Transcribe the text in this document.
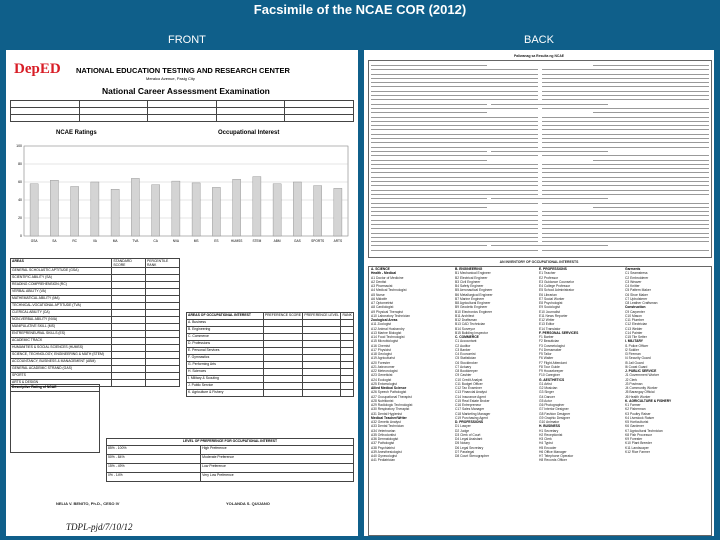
Facsimile of the NCAE COR (2012)
FRONT	BACK
DepED NATIONAL EDUCATION TESTING AND RESEARCH CENTER
Meralco Avenue, Pasig City
National Career Assessment Examination

NCAE Ratings	Occupational Interest
0
20
40
60
80
100
GSA	SA	RC	VA	MA	TVA	CA	NVA	MS	ES	HUMSS	STEM	ABM	GAS	SPORTS	ARTS
AREAS	STANDARD SCORE	PERCENTILE RANK
GENERAL SCHOLASTIC APTITUDE (GSA)		
SCIENTIFIC ABILITY (SA)		
READING COMPREHENSION (RC)		
VERBAL ABILITY (VA)		
MATHEMATICAL ABILITY (MA)		
TECHNICAL-VOCATIONAL APTITUDE (TVA)		
CLERICAL ABILITY (CA)		
NON-VERBAL ABILITY (NVA)		
MANIPULATIVE SKILL (MS)		
ENTREPRENEURIAL SKILLS (ES)		
ACADEMIC TRACK		
HUMANITIES & SOCIAL SCIENCES (HUMSS)		
SCIENCE, TECHNOLOGY, ENGINEERING & MATH (STEM)		
ACCOUNTANCY, BUSINESS & MANAGEMENT (ABM)		
GENERAL ACADEMIC STRAND (GAS)		
SPORTS		
ARTS & DESIGN		
AREAS OF OCCUPATIONAL INTEREST	PREFERENCE SCORE	PREFERENCE LEVEL	RANK
A. Business			
B. Engineering			
C. Commerce			
D. Professions			
E. Personal Services			
F. Gymnastics			
G. Performing Arts			
H. Sciences			
I. Military & Scouting			
J. Public Service			
K. Agriculture & Fishery			
Descriptive Rating of NCAE

LEVEL OF PREFERENCE FOR OCCUPATIONAL INTEREST	
85% - 100%	High Preference
50% - 84%	Moderate Preference
15% - 49%	Low Preference
0% - 14%	Very Low Preference
NELIA V. BENITO, Ph.D., CESO IV	YOLANDA S. QUIJANO
Paliwanag sa Resulta ng NCAE
AN INVENTORY OF OCCUPATIONAL INTERESTS
A. SCIENCE
Health - Medical
A1 Doctor of Medicine
A2 Dentist
A3 Pharmacist
A4 Medical Technologist
A5 Nurse
A6 Midwife
A7 Optometrist
A8 Cardiologist
A9 Physical Therapist
A10 Laboratory Technician
Zoological Areas
A11 Zoologist
A12 Animal Husbandry
A13 Marine Biologist
A14 Food Technologist
A15 Microbiologist
A16 Chemist
A17 Physicist
A18 Geologist
A19 Agriculturist
A20 Forester
A21 Astronomer
A22 Meteorologist
A23 Geneticist
A24 Ecologist
A25 Entomologist
Allied Medical Science
A26 Speech Pathologist
A27 Occupational Therapist
A28 Nutritionist
A29 Radiologic Technologist
A30 Respiratory Therapist
A31 Dental Hygienist
Medical Teacher/Writer
A32 Genetic Analyst
A33 Dental Technician
A34 Veterinarian
A35 Orthodontist
A36 Dermatologist
A37 Pathologist
A38 Psychiatrist
A39 Anesthesiologist
A40 Gynecologist
A41 Pediatrician
B. ENGINEERING
B1 Mechanical Engineer
B2 Electrical Engineer
B3 Civil Engineer
B4 Safety Engineer
B5 Aeronautical Engineer
B6 Metallurgical Engineer
B7 Marine Engineer
B8 Agricultural Engineer
B9 Geodetic Engineer
B10 Electronics Engineer
B11 Architect
B12 Draftsman
B13 CAD Technician
B14 Surveyor
B15 Building Inspector
C. COMMERCE
C1 Accountant
C2 Auditor
C3 Banker
C4 Economist
C5 Statistician
C6 Stockbroker
C7 Actuary
C8 Bookkeeper
C9 Cashier
C10 Credit Analyst
C11 Budget Officer
C12 Tax Examiner
C13 Financial Analyst
C14 Insurance Agent
C15 Real Estate Broker
C16 Entrepreneur
C17 Sales Manager
C18 Marketing Manager
C19 Purchasing Agent
D. PROFESSIONS
D1 Lawyer
D2 Judge
D3 Clerk of Court
D4 Legal Assistant
D5 Notary
D6 Legal Secretary
D7 Paralegal
D8 Court Stenographer
E. PROFESSIONS
E1 Teacher
E2 Professor
E3 Guidance Counselor
E4 College Professor
E5 School Administrator
E6 Librarian
E7 Social Worker
E8 Psychologist
E9 Sociologist
E10 Journalist
E11 News Reporter
E12 Writer
E13 Editor
E14 Translator
F. PERSONAL SERVICES
F1 Barber
F2 Beautician
F3 Cosmetologist
F4 Dressmaker
F5 Tailor
F6 Waiter
F7 Flight Attendant
F8 Tour Guide
F9 Housekeeper
F10 Caregiver
G. AESTHETICS
G1 Artist
G2 Musician
G3 Singer
G4 Dancer
G5 Actor
G6 Photographer
G7 Interior Designer
G8 Fashion Designer
G9 Graphic Designer
G10 Animator
H. BUSINESS
H1 Secretary
H2 Receptionist
H3 Clerk
H4 Typist
H5 Encoder
H6 Office Manager
H7 Telephone Operator
H8 Records Officer
Garments
C1 Seamstress
C2 Embroiderer
C3 Weaver
C4 Knitter
C5 Pattern Maker
C6 Shoe Maker
C7 Upholsterer
C8 Leather Craftsman
Construction
C9 Carpenter
C10 Mason
C11 Plumber
C12 Electrician
C13 Welder
C14 Painter
C15 Tile Setter
I. MILITARY
I1 Police Officer
I2 Soldier
I3 Fireman
I4 Security Guard
I5 Jail Guard
I6 Coast Guard
J. PUBLIC SERVICE
J1 Government Worker
J2 Clerk
J3 Postman
J4 Community Worker
J5 Barangay Official
J6 Health Worker
K. AGRICULTURE & FISHERY
K1 Farmer
K2 Fisherman
K3 Poultry Raiser
K4 Livestock Raiser
K5 Horticulturist
K6 Gardener
K7 Agricultural Technician
K8 Fish Processor
K9 Forester
K10 Plant Breeder
K11 Landscaper
K12 Rice Farmer
TDPL-pjd/7/10/12	15
